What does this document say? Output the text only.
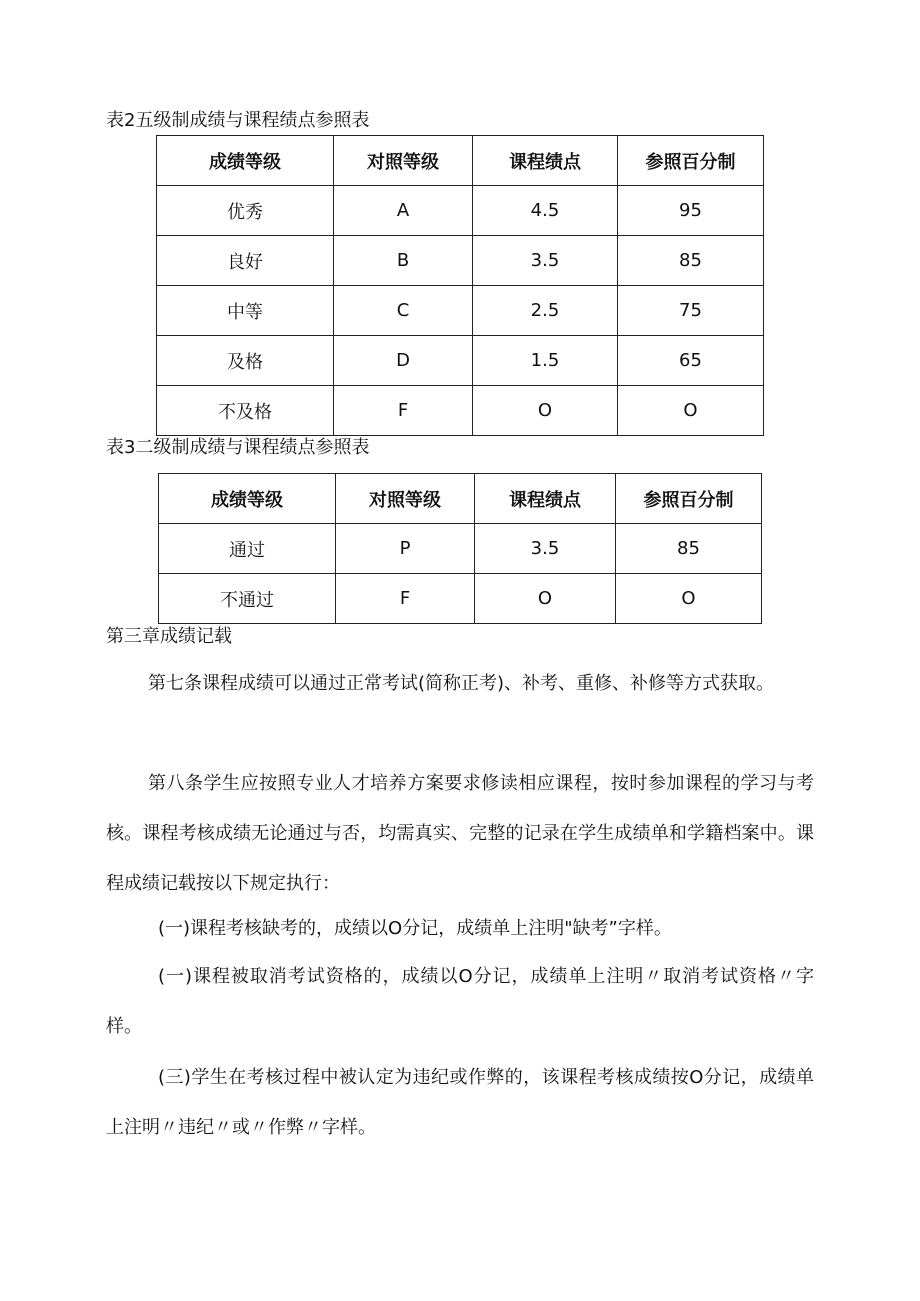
表2五级制成绩与课程绩点参照表
成绩等级	对照等级	课程绩点	参照百分制
优秀	A	4.5	95
良好	B	3.5	85
中等	C	2.5	75
及格	D	1.5	65
不及格	F	O	O
表3二级制成绩与课程绩点参照表
成绩等级	对照等级	课程绩点	参照百分制
通过	P	3.5	85
不通过	F	O	O
第三章成绩记载

第七条课程成绩可以通过正常考试(简称正考)、补考、重修、补修等方式获取。

第八条学生应按照专业人才培养方案要求修读相应课程，按时参加课程的学习与考核。课程考核成绩无论通过与否，均需真实、完整的记录在学生成绩单和学籍档案中。课程成绩记载按以下规定执行：

(一)课程考核缺考的，成绩以O分记，成绩单上注明"缺考”字样。

(一)课程被取消考试资格的，成绩以O分记，成绩单上注明〃取消考试资格〃字样。

(三)学生在考核过程中被认定为违纪或作弊的，该课程考核成绩按O分记，成绩单上注明〃违纪〃或〃作弊〃字样。
